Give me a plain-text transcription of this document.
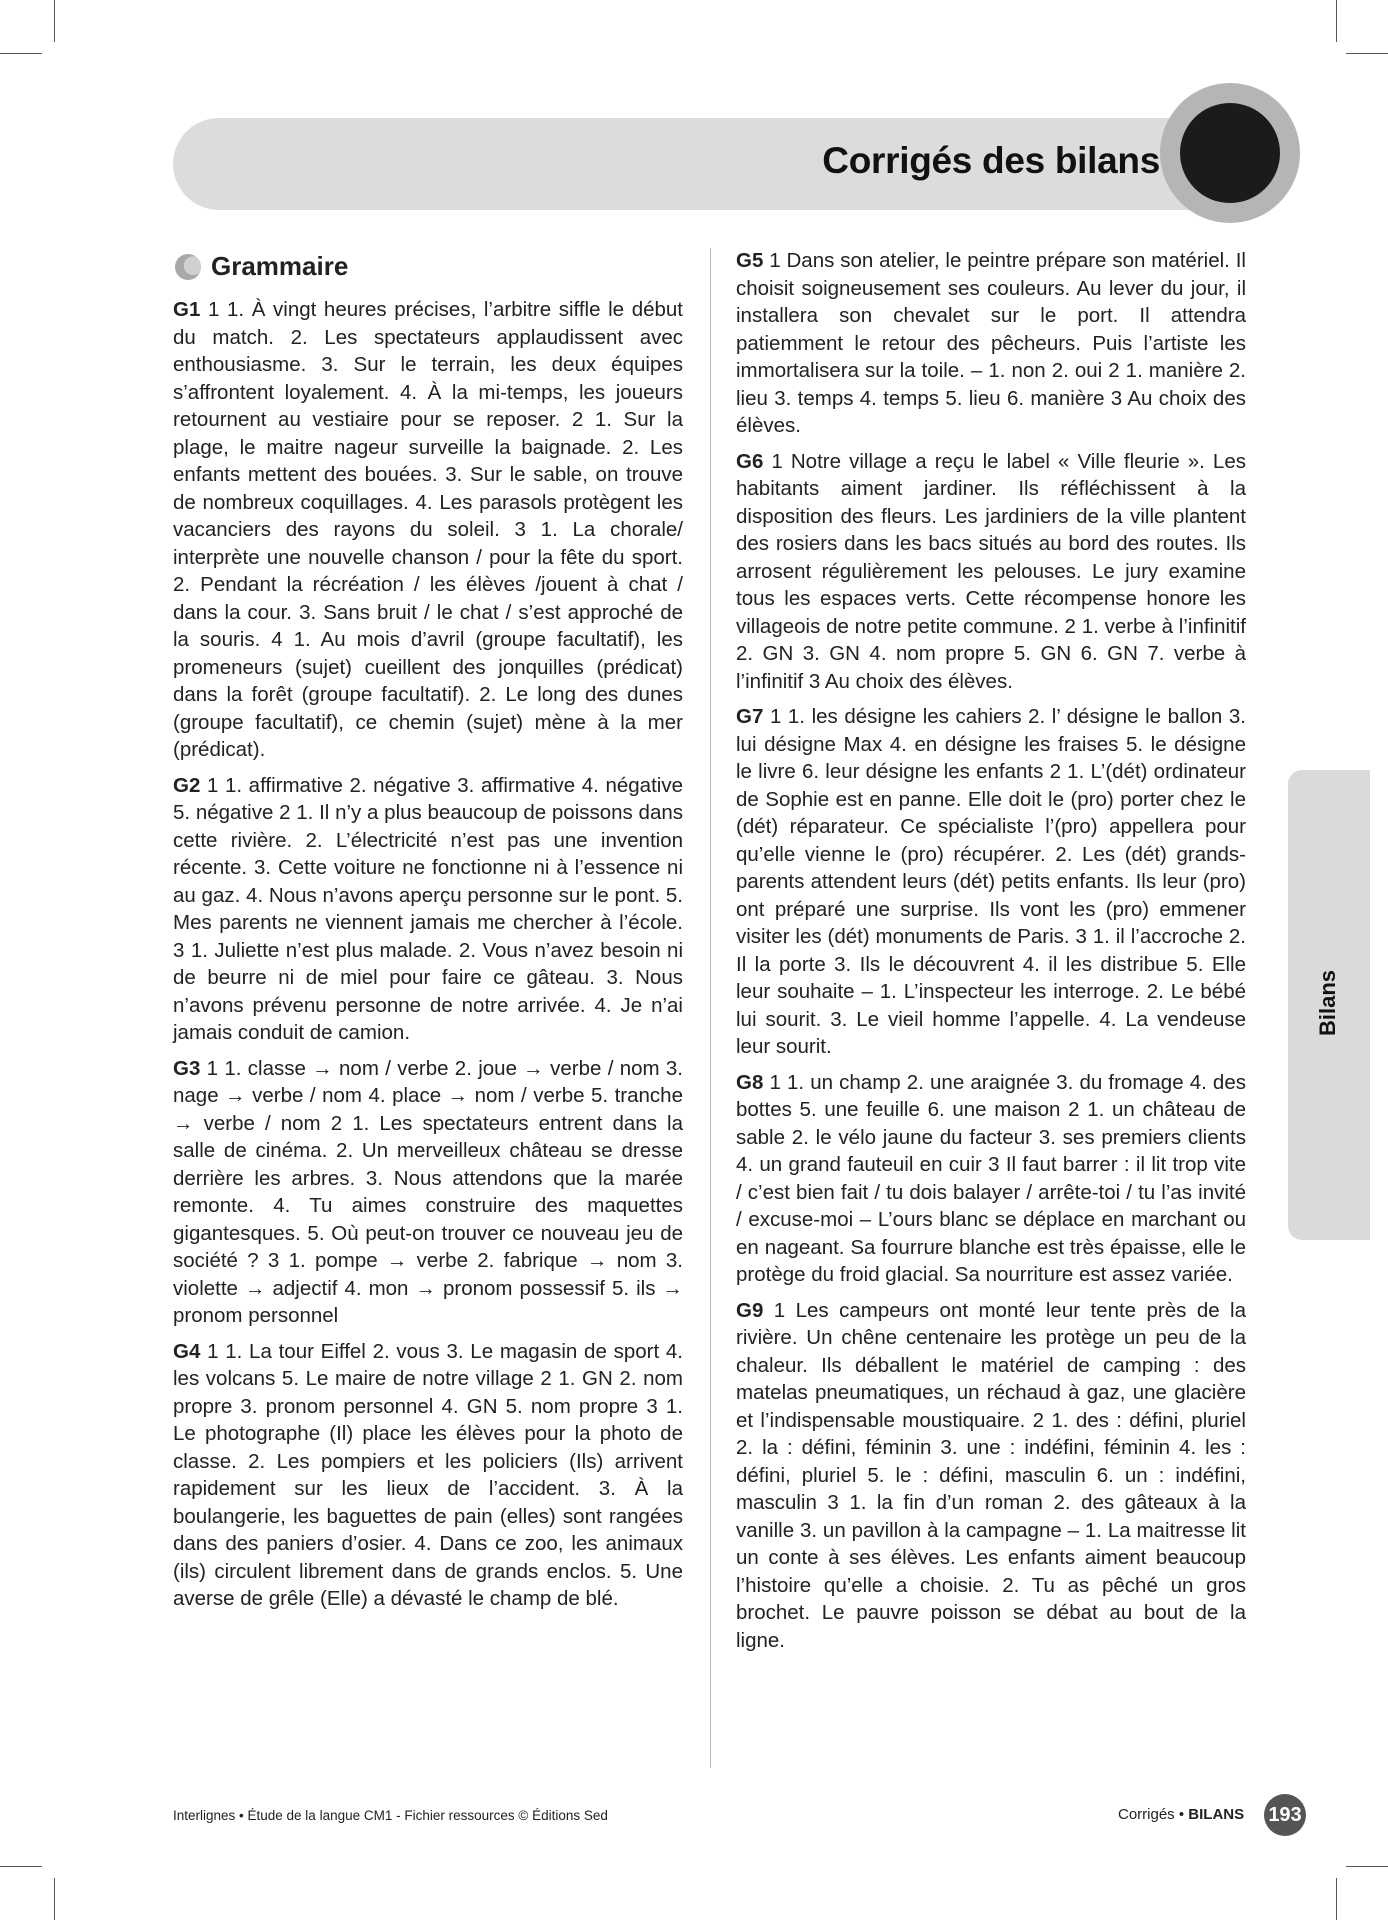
Corrigés des bilans
Grammaire

G1 1 1. À vingt heures précises, l’arbitre siffle le début du match. 2. Les spectateurs applaudissent avec enthousiasme. 3. Sur le terrain, les deux équipes s’affrontent loyalement. 4. À la mi-temps, les joueurs retournent au vestiaire pour se reposer. 2 1. Sur la plage, le maitre nageur surveille la baignade. 2. Les enfants mettent des bouées. 3. Sur le sable, on trouve de nombreux coquillages. 4. Les parasols protègent les vacanciers des rayons du soleil. 3 1. La chorale/ interprète une nouvelle chanson / pour la fête du sport. 2. Pendant la récréation / les élèves /jouent à chat / dans la cour. 3. Sans bruit / le chat / s’est approché de la souris. 4 1. Au mois d’avril (groupe facultatif), les promeneurs (sujet) cueillent des jonquilles (prédicat) dans la forêt (groupe facultatif). 2. Le long des dunes (groupe facultatif), ce chemin (sujet) mène à la mer (prédicat).

G2 1 1. affirmative 2. négative 3. affirmative 4. négative 5. négative 2 1. Il n’y a plus beaucoup de poissons dans cette rivière. 2. L’électricité n’est pas une invention récente. 3. Cette voiture ne fonctionne ni à l’essence ni au gaz. 4. Nous n’avons aperçu personne sur le pont. 5. Mes parents ne viennent jamais me chercher à l’école. 3 1. Juliette n’est plus malade. 2. Vous n’avez besoin ni de beurre ni de miel pour faire ce gâteau. 3. Nous n’avons prévenu personne de notre arrivée. 4. Je n’ai jamais conduit de camion.

G3 1 1. classe → nom / verbe 2. joue → verbe / nom 3. nage → verbe / nom 4. place → nom / verbe 5. tranche → verbe / nom 2 1. Les spectateurs entrent dans la salle de cinéma. 2. Un merveilleux château se dresse derrière les arbres. 3. Nous attendons que la marée remonte. 4. Tu aimes construire des maquettes gigantesques. 5. Où peut-on trouver ce nouveau jeu de société ? 3 1. pompe → verbe 2. fabrique → nom 3. violette → adjectif 4. mon → pronom possessif 5. ils → pronom personnel

G4 1 1. La tour Eiffel 2. vous 3. Le magasin de sport 4. les volcans 5. Le maire de notre village 2 1. GN 2. nom propre 3. pronom personnel 4. GN 5. nom propre 3 1. Le photographe (Il) place les élèves pour la photo de classe. 2. Les pompiers et les policiers (Ils) arrivent rapidement sur les lieux de l’accident. 3. À la boulangerie, les baguettes de pain (elles) sont rangées dans des paniers d’osier. 4. Dans ce zoo, les animaux (ils) circulent librement dans de grands enclos. 5. Une averse de grêle (Elle) a dévasté le champ de blé.

G5 1 Dans son atelier, le peintre prépare son matériel. Il choisit soigneusement ses couleurs. Au lever du jour, il installera son chevalet sur le port. Il attendra patiemment le retour des pêcheurs. Puis l’artiste les immortalisera sur la toile. – 1. non 2. oui 2 1. manière 2. lieu 3. temps 4. temps 5. lieu 6. manière 3 Au choix des élèves.

G6 1 Notre village a reçu le label « Ville fleurie ». Les habitants aiment jardiner. Ils réfléchissent à la disposition des fleurs. Les jardiniers de la ville plantent des rosiers dans les bacs situés au bord des routes. Ils arrosent régulièrement les pelouses. Le jury examine tous les espaces verts. Cette récompense honore les villageois de notre petite commune. 2 1. verbe à l’infinitif 2. GN 3. GN 4. nom propre 5. GN 6. GN 7. verbe à l’infinitif 3 Au choix des élèves.

G7 1 1. les désigne les cahiers 2. l’ désigne le ballon 3. lui désigne Max 4. en désigne les fraises 5. le désigne le livre 6. leur désigne les enfants 2 1. L’(dét) ordinateur de Sophie est en panne. Elle doit le (pro) porter chez le (dét) réparateur. Ce spécialiste l’(pro) appellera pour qu’elle vienne le (pro) récupérer. 2. Les (dét) grands-parents attendent leurs (dét) petits enfants. Ils leur (pro) ont préparé une surprise. Ils vont les (pro) emmener visiter les (dét) monuments de Paris. 3 1. il l’accroche 2. Il la porte 3. Ils le découvrent 4. il les distribue 5. Elle leur souhaite – 1. L’inspecteur les interroge. 2. Le bébé lui sourit. 3. Le vieil homme l’appelle. 4. La vendeuse leur sourit.

G8 1 1. un champ 2. une araignée 3. du fromage 4. des bottes 5. une feuille 6. une maison 2 1. un château de sable 2. le vélo jaune du facteur 3. ses premiers clients 4. un grand fauteuil en cuir 3 Il faut barrer : il lit trop vite / c’est bien fait / tu dois balayer / arrête-toi / tu l’as invité / excuse-moi – L’ours blanc se déplace en marchant ou en nageant. Sa fourrure blanche est très épaisse, elle le protège du froid glacial. Sa nourriture est assez variée.

G9 1 Les campeurs ont monté leur tente près de la rivière. Un chêne centenaire les protège un peu de la chaleur. Ils déballent le matériel de camping : des matelas pneumatiques, un réchaud à gaz, une glacière et l’indispensable moustiquaire. 2 1. des : défini, pluriel 2. la : défini, féminin 3. une : indéfini, féminin 4. les : défini, pluriel 5. le : défini, masculin 6. un : indéfini, masculin 3 1. la fin d’un roman 2. des gâteaux à la vanille 3. un pavillon à la campagne – 1. La maitresse lit un conte à ses élèves. Les enfants aiment beaucoup l’histoire qu’elle a choisie. 2. Tu as pêché un gros brochet. Le pauvre poisson se débat au bout de la ligne.

Bilans
Interlignes • Étude de la langue CM1 - Fichier ressources © Éditions Sed	Corrigés • BILANS 193
